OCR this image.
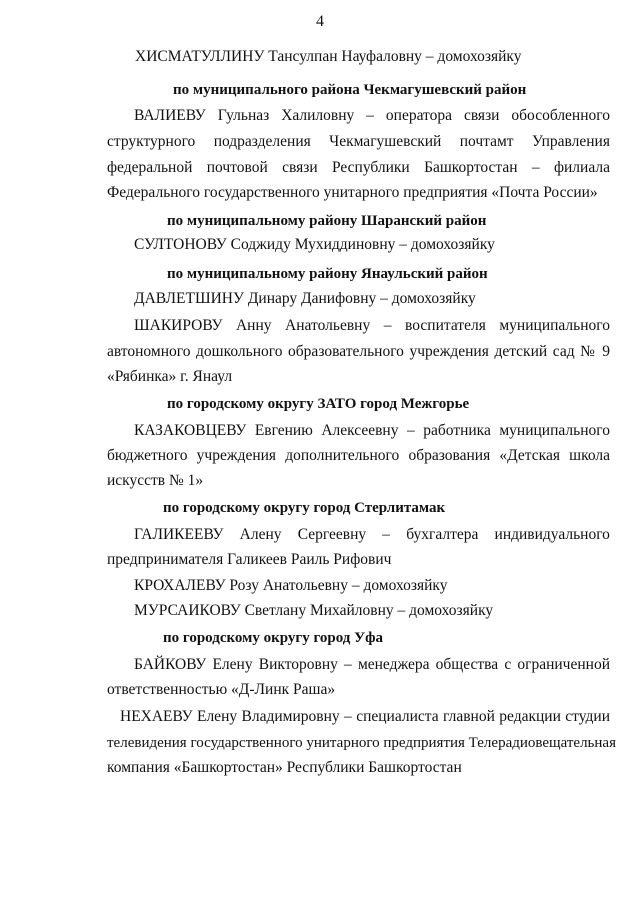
4
ХИСМАТУЛЛИНУ Тансулпан Науфаловну – домохозяйку
по муниципального района Чекмагушевский район
ВАЛИЕВУ Гульназ Халиловну – оператора связи обособленного
структурного подразделения Чекмагушевский почтамт Управления
федеральной почтовой связи Республики Башкортостан – филиала
Федерального государственного унитарного предприятия «Почта России»
по муниципальному району Шаранский район
СУЛТОНОВУ Соджиду Мухиддиновну – домохозяйку
по муниципальному району Янаульский район
ДАВЛЕТШИНУ Динару Данифовну – домохозяйку
ШАКИРОВУ Анну Анатольевну – воспитателя муниципального
автономного дошкольного образовательного учреждения детский сад № 9
«Рябинка» г. Янаул
по городскому округу ЗАТО город Межгорье
КАЗАКОВЦЕВУ Евгению Алексеевну – работника муниципального
бюджетного учреждения дополнительного образования «Детская школа
искусств № 1»
по городскому округу город Стерлитамак
ГАЛИКЕЕВУ Алену Сергеевну – бухгалтера индивидуального
предпринимателя Галикеев Раиль Рифович
КРОХАЛЕВУ Розу Анатольевну – домохозяйку
МУРСАИКОВУ Светлану Михайловну – домохозяйку
по городскому округу город Уфа
БАЙКОВУ Елену Викторовну – менеджера общества с ограниченной
ответственностью «Д-Линк Раша»
НЕХАЕВУ Елену Владимировну – специалиста главной редакции студии
телевидения государственного унитарного предприятия Телерадиовещательная
компания «Башкортостан» Республики Башкортостан
